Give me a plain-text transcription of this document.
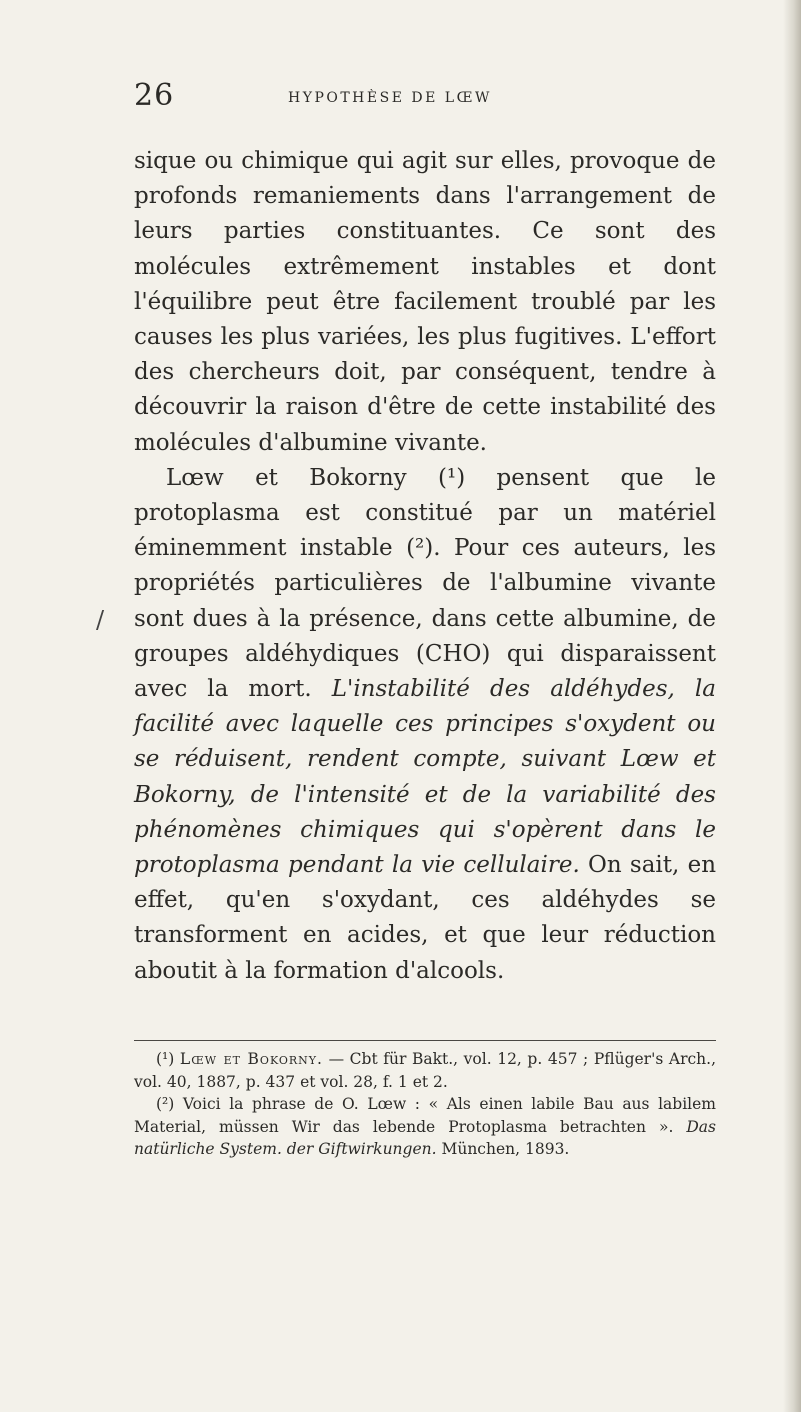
26	HYPOTHÈSE DE LŒW
/

sique ou chimique qui agit sur elles, provoque de profonds remaniements dans l'arrangement de leurs parties constituantes. Ce sont des molécules extrêmement instables et dont l'équilibre peut être facilement troublé par les causes les plus variées, les plus fugitives. L'effort des chercheurs doit, par conséquent, tendre à découvrir la raison d'être de cette instabilité des molécules d'albumine vivante.

Lœw et Bokorny (¹) pensent que le protoplasma est constitué par un matériel éminemment instable (²). Pour ces auteurs, les propriétés particulières de l'albumine vivante sont dues à la présence, dans cette albumine, de groupes aldéhydiques (CHO) qui disparaissent avec la mort. L'instabilité des aldéhydes, la facilité avec laquelle ces principes s'oxydent ou se réduisent, rendent compte, suivant Lœw et Bokorny, de l'intensité et de la variabilité des phénomènes chimiques qui s'opèrent dans le protoplasma pendant la vie cellulaire. On sait, en effet, qu'en s'oxydant, ces aldéhydes se transforment en acides, et que leur réduction aboutit à la formation d'alcools.

(¹) Lœw et Bokorny. — Cbt für Bakt., vol. 12, p. 457 ; Pflüger's Arch., vol. 40, 1887, p. 437 et vol. 28, f. 1 et 2.

(²) Voici la phrase de O. Lœw : « Als einen labile Bau aus labilem Material, müssen Wir das lebende Protoplasma betrachten ». Das natürliche System. der Giftwirkungen. München, 1893.
